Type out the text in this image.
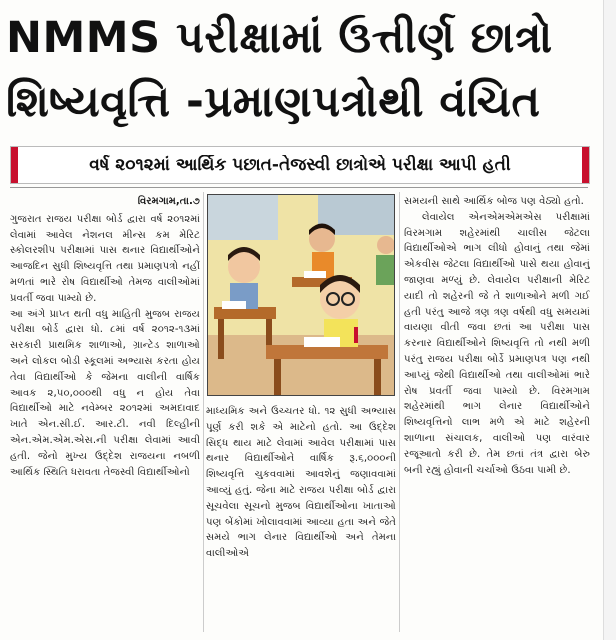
NMMS પરીક્ષામાં ઉત્તીર્ણ છાત્રો
શિષ્યવૃત્તિ -પ્રમાણપત્રોથી વંચિત
વર્ષ ૨૦૧૨માં આર્થિક પછાત-તેજસ્વી છાત્રોએ પરીક્ષા આપી હતી
વિરમગામ,તા.૭

ગુજરાત રાજય પરીક્ષા બોર્ડ દ્વારા વર્ષ ૨૦૧૨માં લેવામાં આવેલ નેશનલ મીન્સ કમ મેરિટ સ્કોલરશીપ પરીક્ષામાં પાસ થનાર વિદ્યાર્થીઓને આજદિન સુધી શિષ્યવૃત્તિ તથા પ્રમાણપત્રો નહીં મળતાં ભારે રોષ વિદ્યાર્થીઓ તેમજ વાલીઓમાં પ્રવર્તી જવા પામ્યો છે.

આ અંગે પ્રાપ્ત થતી વધુ માહિતી મુજબ રાજય પરીક્ષા બોર્ડ દ્વારા ધો. ૮માં વર્ષ ૨૦૧૨-૧૩માં સરકારી પ્રાથમિક શાળાઓ, ગ્રાન્ટેડ શાળાઓ અને લોકલ બોડી સ્કૂલમાં અભ્યાસ કરતા હોય તેવા વિદ્યાર્થીઓ કે જેમના વાલીની વાર્ષિક આવક ૨,૫૦,૦૦૦થી વધુ ન હોય તેવા વિદ્યાર્થીઓ માટે નવેમ્બર ૨૦૧૨માં અમદાવાદ ખાતે એન.સી.ઈ. આર.ટી. નવી દિલ્હીની એન.એમ.એમ.એસ.ની પરીક્ષા લેવામાં આવી હતી. જેનો મુખ્ય ઉદ્દેશ રાજયના નબળી આર્થિક સ્થિતિ ધરાવતા તેજસ્વી વિદ્યાર્થીઓનો

માધ્યમિક અને ઉચ્ચતર ધો. ૧૨ સુધી અભ્યાસ પૂર્ણ કરી શકે એ માટેનો હતો. આ ઉદ્દેશ સિદ્ધ થાય માટે લેવામાં આવેલ પરીક્ષામાં પાસ થનાર વિદ્યાર્થીઓને વાર્ષિક રૂ.૬,૦૦૦ની શિષ્યવૃત્તિ ચુકવવામાં આવશેનું જણાવવામાં આવ્યું હતું. જેના માટે રાજય પરીક્ષા બોર્ડ દ્વારા સૂચવેલા સૂચનો મુજબ વિદ્યાર્થીઓના ખાતાઓ પણ બેંકોમાં ખોલાવવામાં આવ્યા હતા અને જેતે સમયે ભાગ લેનાર વિદ્યાર્થીઓ અને તેમના વાલીઓએ

સમયની સાથે આર્થિક બોજ પણ વેઠ્યો હતો.

લેવાયેલ એનએમએમએસ પરીક્ષામાં વિરમગામ શહેરમાંથી ચાલીસ જેટલા વિદ્યાર્થીઓએ ભાગ લીધો હોવાનું તથા જેમાં એકવીસ જેટલા વિદ્યાર્થીઓ પાસે થયા હોવાનું જાણવા મળ્યું છે. લેવાયેલ પરીક્ષાની મેરિટ યાદી તો શહેરની જે તે શાળાઓને મળી ગઈ હતી પરંતુ આજે ત્રણ ત્રણ વર્ષથી વધુ સમયમાં વાયણા વીતી જવા છતાં આ પરીક્ષા પાસ કરનાર વિદ્યાર્થીઓને શિષ્યવૃત્તિ તો નથી મળી પરંતુ રાજય પરીક્ષા બોર્ડે પ્રમાણપત્ર પણ નથી આપ્યું જેથી વિદ્યાર્થીઓ તથા વાલીઓમાં ભારે રોષ પ્રવર્તી જવા પામ્યો છે. વિરમગામ શહેરમાંથી ભાગ લેનાર વિદ્યાર્થીઓને શિષ્યવૃત્તિનો લાભ મળે એ માટે શહેરની શાળાના સંચાલક, વાલીઓ પણ વારંવાર રજૂઆતો કરી છે. તેમ છતાં તંત્ર દ્વારા બેરુ બની રહ્યું હોવાની ચર્ચાઓ ઉઠવા પામી છે.
